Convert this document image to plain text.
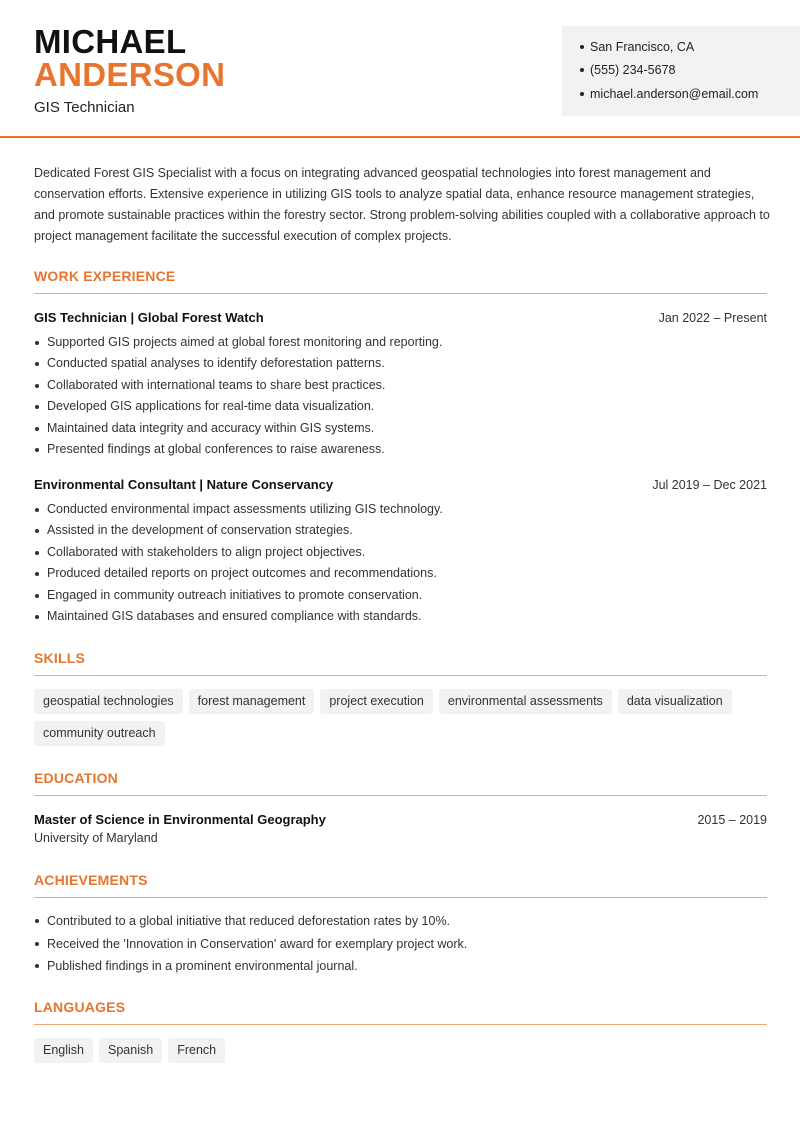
MICHAEL
ANDERSON
GIS Technician
San Francisco, CA
(555) 234-5678
michael.anderson@email.com
Dedicated Forest GIS Specialist with a focus on integrating advanced geospatial technologies into forest management and conservation efforts. Extensive experience in utilizing GIS tools to analyze spatial data, enhance resource management strategies, and promote sustainable practices within the forestry sector. Strong problem-solving abilities coupled with a collaborative approach to project management facilitate the successful execution of complex projects.
WORK EXPERIENCE
GIS Technician | Global Forest Watch	Jan 2022 – Present
Supported GIS projects aimed at global forest monitoring and reporting.
Conducted spatial analyses to identify deforestation patterns.
Collaborated with international teams to share best practices.
Developed GIS applications for real-time data visualization.
Maintained data integrity and accuracy within GIS systems.
Presented findings at global conferences to raise awareness.
Environmental Consultant | Nature Conservancy	Jul 2019 – Dec 2021
Conducted environmental impact assessments utilizing GIS technology.
Assisted in the development of conservation strategies.
Collaborated with stakeholders to align project objectives.
Produced detailed reports on project outcomes and recommendations.
Engaged in community outreach initiatives to promote conservation.
Maintained GIS databases and ensured compliance with standards.
SKILLS
geospatial technologies forest management project execution environmental assessments data visualizationcommunity outreach
EDUCATION
Master of Science in Environmental Geography	2015 – 2019
University of Maryland
ACHIEVEMENTS
Contributed to a global initiative that reduced deforestation rates by 10%.
Received the 'Innovation in Conservation' award for exemplary project work.
Published findings in a prominent environmental journal.
LANGUAGES
English Spanish French
